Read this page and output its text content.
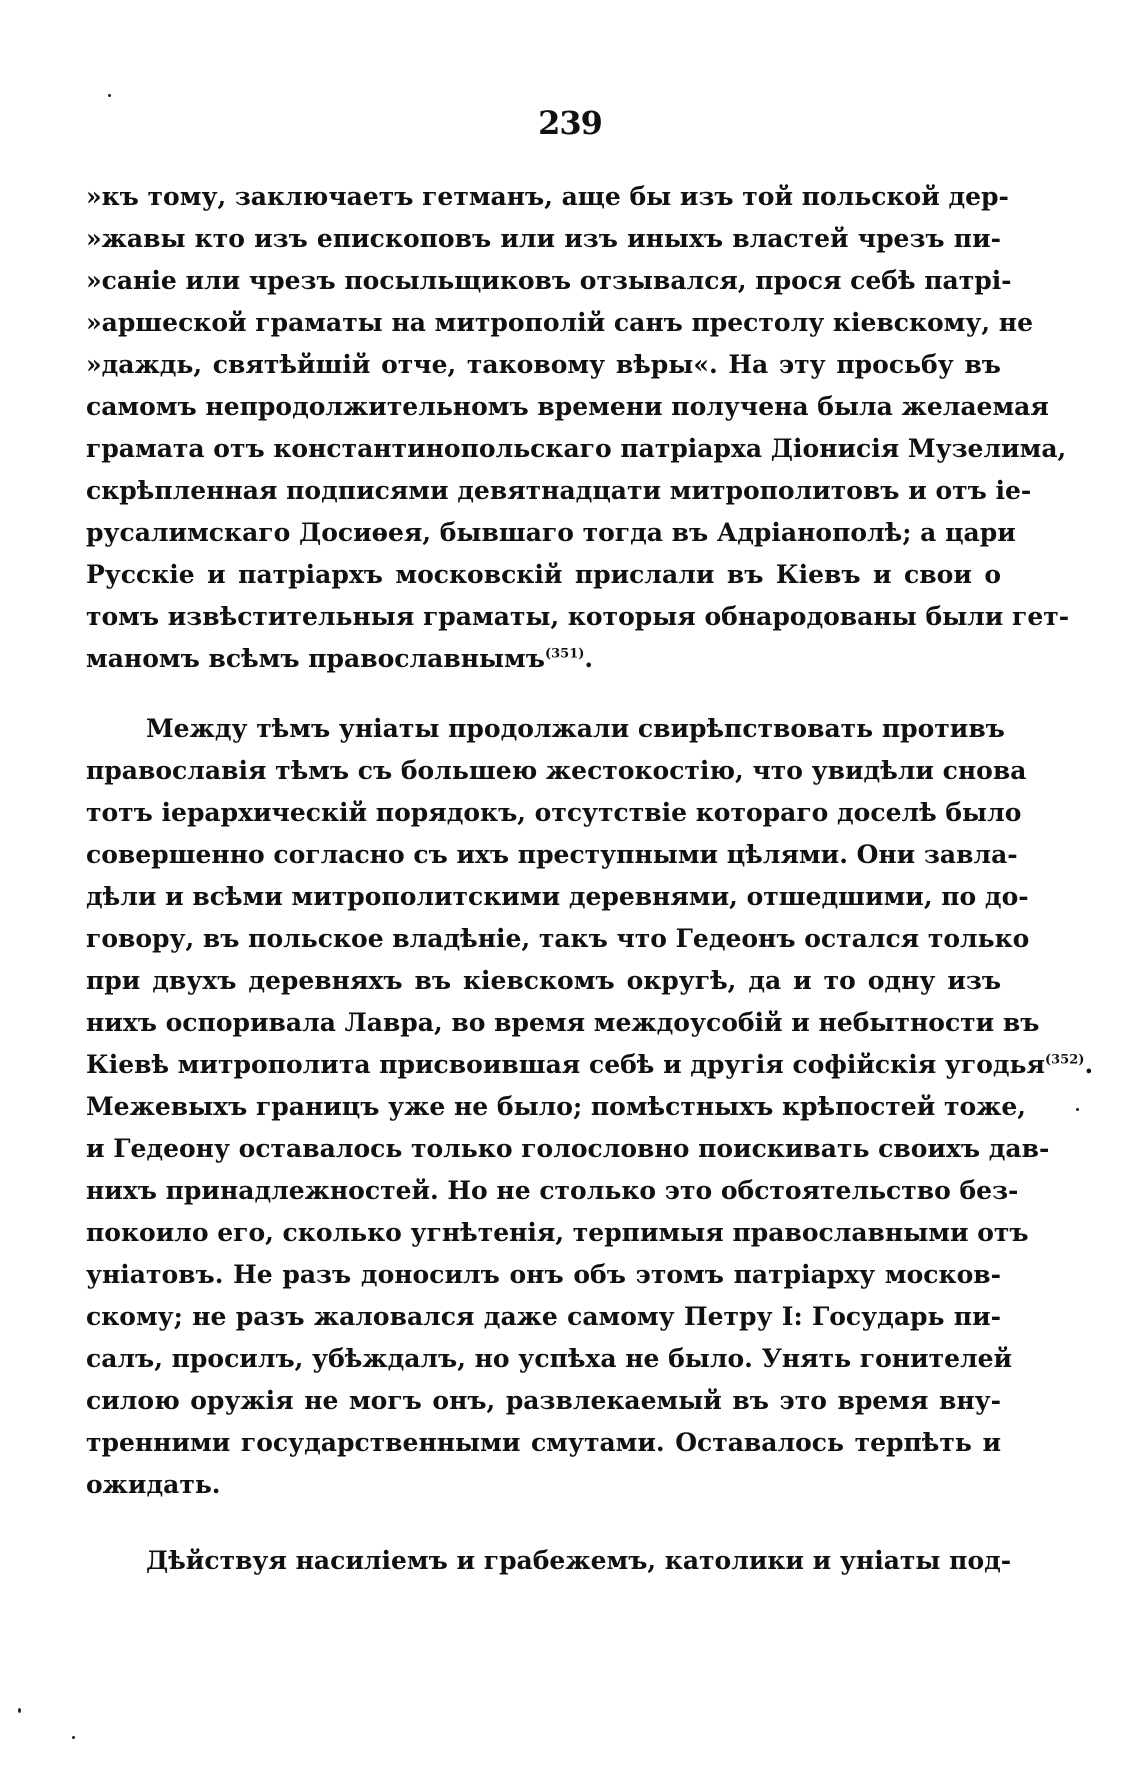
239
»къ тому, заключаетъ гетманъ, аще бы изъ той польской дер-
»жавы кто изъ епископовъ или изъ иныхъ властей чрезъ пи-
»саніе или чрезъ посыльщиковъ отзывался, прося себѣ патрі-
»аршеской граматы на митрополій санъ престолу кіевскому, не
»даждь, святѣйшій отче, таковому вѣры«. На эту просьбу въ
самомъ непродолжительномъ времени получена была желаемая
грамата отъ константинопольскаго патріарха Діонисія Музелима,
скрѣпленная подписями девятнадцати митрополитовъ и отъ іе-
русалимскаго Досиѳея, бывшаго тогда въ Адріанополѣ; а цари
Русскіе и патріархъ московскій прислали въ Кіевъ и свои о
томъ извѣстительныя граматы, которыя обнародованы были гет-
маномъ всѣмъ православнымъ$^{(351)}$.
Между тѣмъ уніаты продолжали свирѣпствовать противъ
православія тѣмъ съ большею жестокостію, что увидѣли снова
тотъ іерархическій порядокъ, отсутствіе котораго доселѣ было
совершенно согласно съ ихъ преступными цѣлями. Они завла-
дѣли и всѣми митрополитскими деревнями, отшедшими, по до-
говору, въ польское владѣніе, такъ что Гедеонъ остался только
при двухъ деревняхъ въ кіевскомъ округѣ, да и то одну изъ
нихъ оспоривала Лавра, во время междоусобій и небытности въ
Кіевѣ митрополита присвоившая себѣ и другія софійскія угодья$^{(352)}$.
Межевыхъ границъ уже не было; помѣстныхъ крѣпостей тоже,
и Гедеону оставалось только голословно поискивать своихъ дав-
нихъ принадлежностей. Но не столько это обстоятельство без-
покоило его, сколько угнѣтенія, терпимыя православными отъ
уніатовъ. Не разъ доносилъ онъ объ этомъ патріарху москов-
скому; не разъ жаловался даже самому Петру I: Государь пи-
салъ, просилъ, убѣждалъ, но успѣха не было. Унять гонителей
силою оружія не могъ онъ, развлекаемый въ это время вну-
тренними государственными смутами. Оставалось терпѣть и
ожидать.
Дѣйствуя насиліемъ и грабежемъ, католики и уніаты под-
